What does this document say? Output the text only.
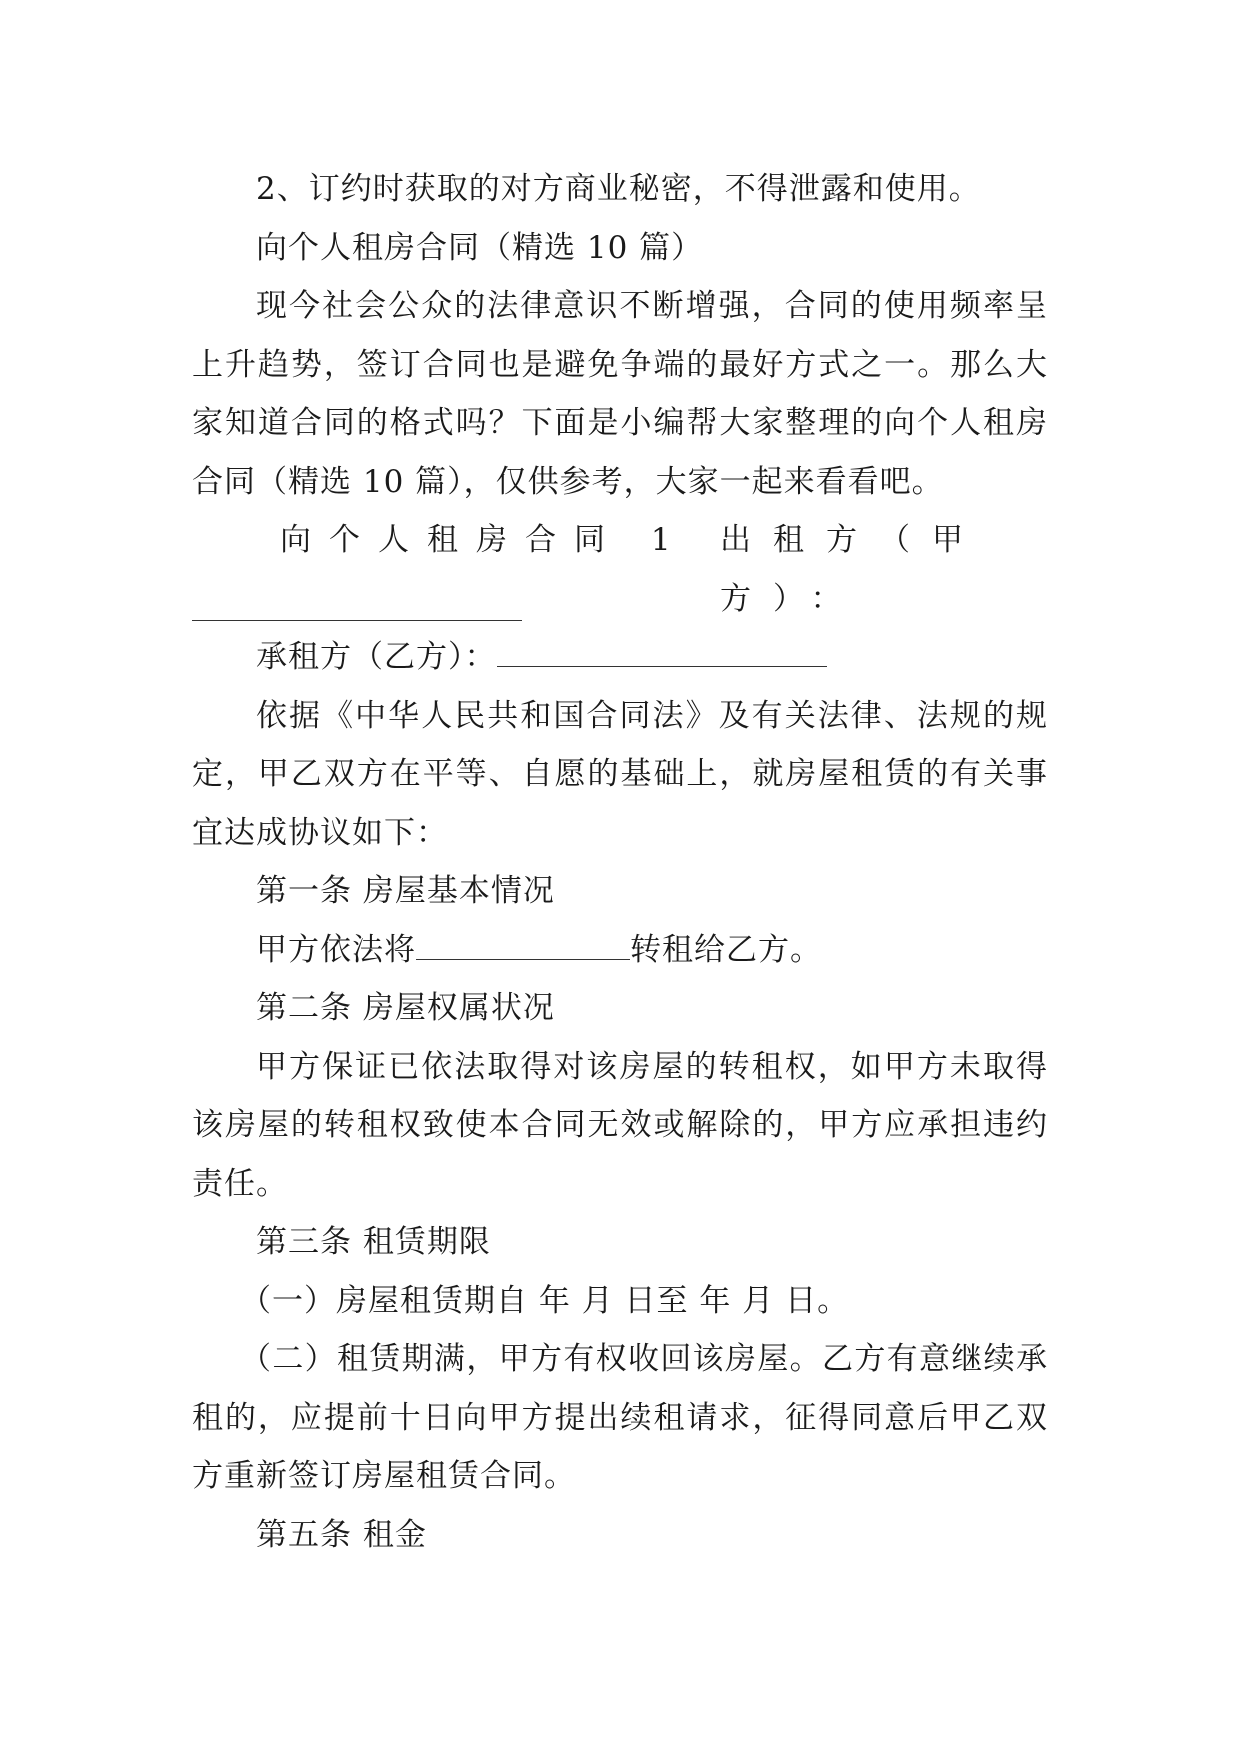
2、订约时获取的对方商业秘密，不得泄露和使用。

向个人租房合同（精选 10 篇）

现今社会公众的法律意识不断增强，合同的使用频率呈上升趋势，签订合同也是避免争端的最好方式之一。那么大家知道合同的格式吗？下面是小编帮大家整理的向个人租房合同（精选 10 篇），仅供参考，大家一起来看看吧。

向个人租房合同 1 出租方（甲方）：

承租方（乙方）：

依据《中华人民共和国合同法》及有关法律、法规的规定，甲乙双方在平等、自愿的基础上，就房屋租赁的有关事宜达成协议如下：

第一条 房屋基本情况

甲方依法将	转租给乙方。

第二条 房屋权属状况

甲方保证已依法取得对该房屋的转租权，如甲方未取得该房屋的转租权致使本合同无效或解除的，甲方应承担违约责任。

第三条 租赁期限

（一）房屋租赁期自 年 月 日至 年 月 日。

（二）租赁期满，甲方有权收回该房屋。乙方有意继续承租的，应提前十日向甲方提出续租请求，征得同意后甲乙双方重新签订房屋租赁合同。

第五条 租金
